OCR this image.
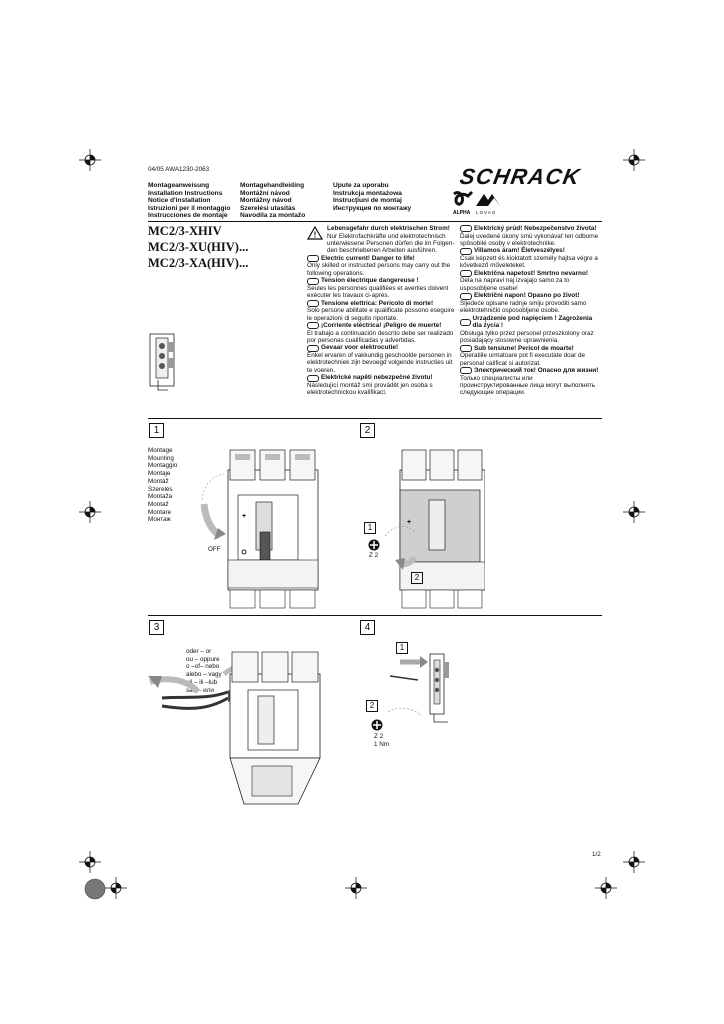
04/05 AWA1230-2063	SCHRACK
ALPHA LOVAG
Montageanweisung
Installation Instructions
Notice d'installation
Istruzioni per il montaggio
Instrucciones de montaje
Montagehandleiding
Montážní návod
Montážny návod
Szerelési utasítás
Navodila za montažo
Upute za uporabu
Instrukcja montażowa
Instrucţiuni de montaj
Инструкция по монтажу
MC2/3-XHIV
MC2/3-XU(HIV)...
MC2/3-XA(HIV)...
!
Lebensgefahr durch elektrischen Strom!
Nur Elektrofachkräfte und elektrotechnisch unterwiesene Personen dürfen die im Folgen- den beschriebenen Arbeiten ausführen.
Electric current! Danger to life!
Only skilled or instructed persons may carry out the following operations.
Tension électrique dangereuse !
Seules les personnes qualifiées et averties doivent exécuter les travaux ci-après.
Tensione elettrica: Pericolo di morte!
Solo persone abilitate e qualificate possono eseguire le operazioni di seguito riportate.
¡Corriente eléctrica! ¡Peligro de muerte!
El trabajo a continuación descrito debe ser realizado por personas cualificadas y advertidas.
Gevaar voor elektrocutie!
Enkel ervaren of vakkundig geschoolde personen in elektrotechniek zijn bevoegd volgende instructies uit te voeren.
Elektrické napětí nebezpečné životu!
Následující montáž smí provádět jen osoba s elektrotechnickou kvalifikací.
Elektrický prúd! Nebezpečenstvo života!
Ďalej uvedené úkony smú vykonávať len odborne spôsobilé osoby v elektrotechnike.
Villamos áram! Életveszélyes!
Csak képzett és kioktatott személy hajtsa végre a következő műveleteket.
Električna napetost! Smrtno nevarno!
Dela na napravi naj izvajajo samo za to usposobljene osebe!
Električni napon! Opasno po život!
Sljedeće opisane radnje smiju provoditi samo elektrotehnički osposobljene osobe.
Urządzenie pod napięciem ! Zagrożenia dla życia !
Obsługa tylko przez personel przeszkolony oraz posiadający stosowne uprawnienia.
Sub tensiune! Pericol de moarte!
Operatiile urmatoare pot fi executate doar de personal calificat si autorizat.
Электрический ток! Опасно для жизни!
Только специалисты или проинструктированные лица могут выполнять следующие операции.
1	2
3	4
Montage
Mounting
Montaggio
Montaje
Montáž
Szerelés
Montaža
Montaž
Montare
Монтаж	+
OFF
+
1
2
Z 2
oder – or
ou – oppure
o –of– nebo
alebo – vagy
ali – ili –lub
sau – или
1
2
Z 2
1 Nm
1/2
